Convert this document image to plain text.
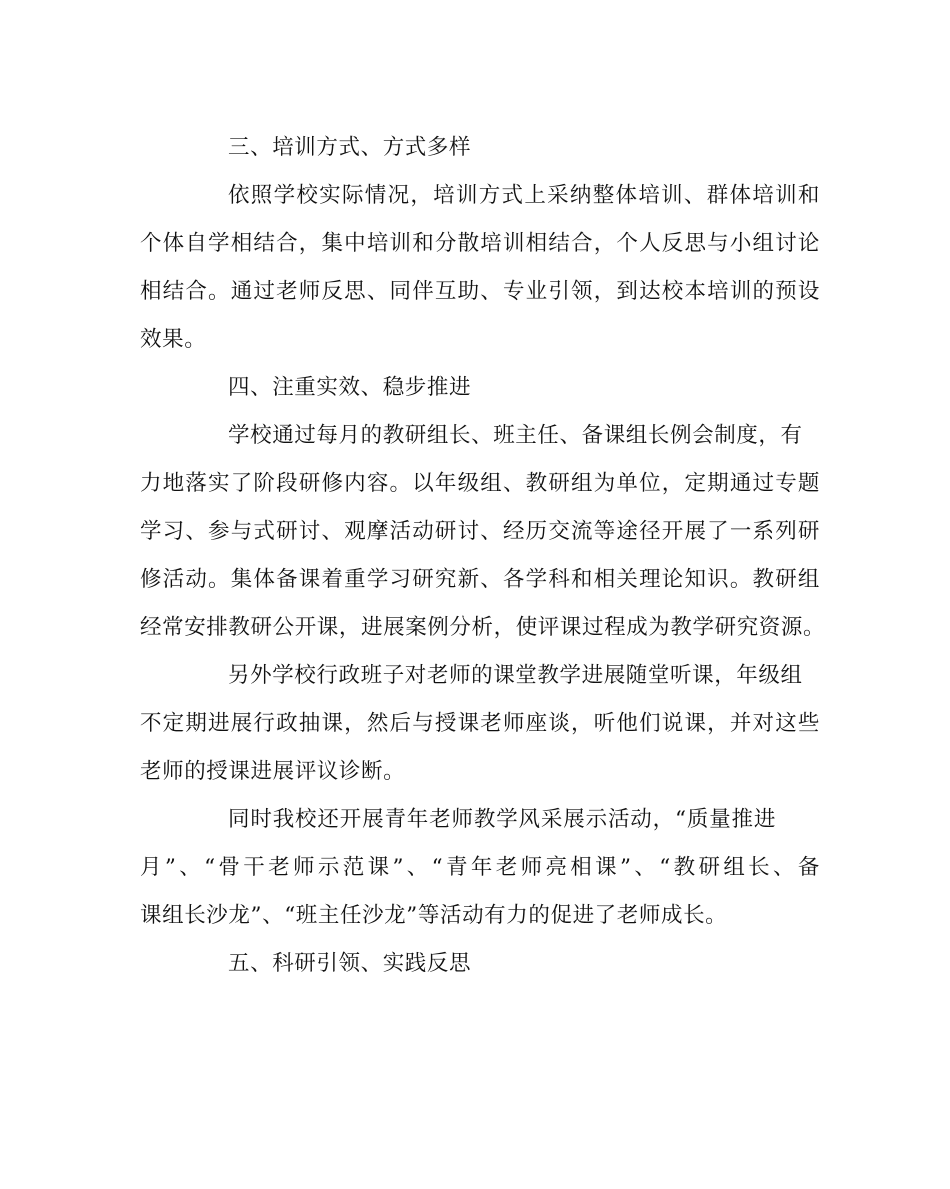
三、培训方式、方式多样
依照学校实际情况，培训方式上采纳整体培训、群体培训和
个体自学相结合，集中培训和分散培训相结合，个人反思与小组讨论
相结合。通过老师反思、同伴互助、专业引领，到达校本培训的预设
效果。
四、注重实效、稳步推进
学校通过每月的教研组长、班主任、备课组长例会制度，有
力地落实了阶段研修内容。以年级组、教研组为单位，定期通过专题
学习、参与式研讨、观摩活动研讨、经历交流等途径开展了一系列研
修活动。集体备课着重学习研究新、各学科和相关理论知识。教研组
经常安排教研公开课，进展案例分析，使评课过程成为教学研究资源。
另外学校行政班子对老师的课堂教学进展随堂听课，年级组
不定期进展行政抽课，然后与授课老师座谈，听他们说课，并对这些
老师的授课进展评议诊断。
同时我校还开展青年老师教学风采展示活动，“质量推进
月”、“骨干老师示范课”、“青年老师亮相课”、“教研组长、备
课组长沙龙”、“班主任沙龙”等活动有力的促进了老师成长。
五、科研引领、实践反思
